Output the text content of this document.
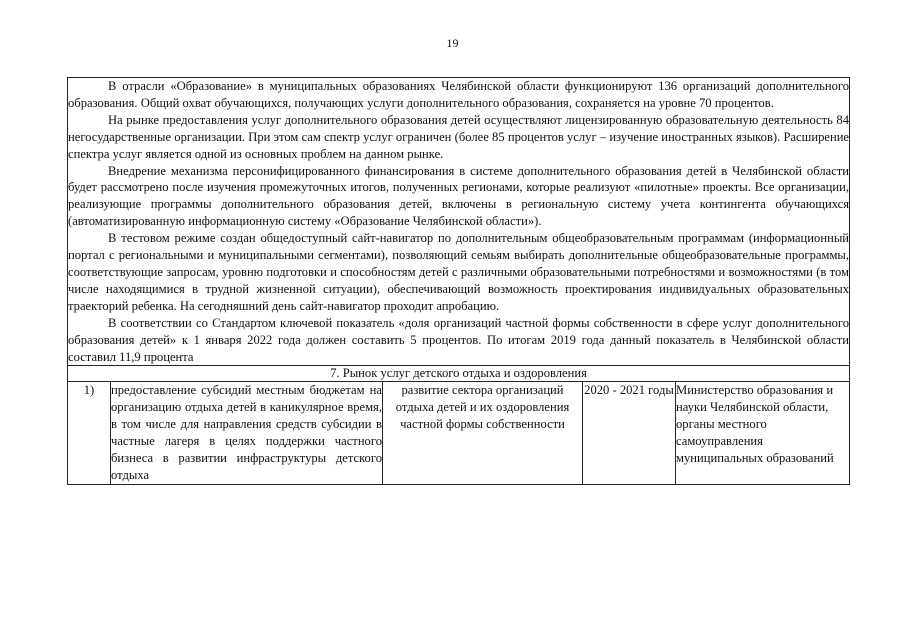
19

В отрасли «Образование» в муниципальных образованиях Челябинской области функционируют 136 организаций дополнительного образования. Общий охват обучающихся, получающих услуги дополнительного образования, сохраняется на уровне 70 процентов.

На рынке предоставления услуг дополнительного образования детей осуществляют лицензированную образовательную деятельность 84 негосударственные организации. При этом сам спектр услуг ограничен (более 85 процентов услуг – изучение иностранных языков). Расширение спектра услуг является одной из основных проблем на данном рынке.

Внедрение механизма персонифицированного финансирования в системе дополнительного образования детей в Челябинской области будет рассмотрено после изучения промежуточных итогов, полученных регионами, которые реализуют «пилотные» проекты. Все организации, реализующие программы дополнительного образования детей, включены в региональную систему учета контингента обучающихся (автоматизированную информационную систему «Образование Челябинской области»).

В тестовом режиме создан общедоступный сайт-навигатор по дополнительным общеобразовательным программам (информационный портал с региональными и муниципальными сегментами), позволяющий семьям выбирать дополнительные общеобразовательные программы, соответствующие запросам, уровню подготовки и способностям детей с различными образовательными потребностями и возможностями (в том числе находящимися в трудной жизненной ситуации), обеспечивающий возможность проектирования индивидуальных образовательных траекторий ребенка. На сегодняшний день сайт-навигатор проходит апробацию.

В соответствии со Стандартом ключевой показатель «доля организаций частной формы собственности в сфере услуг дополнительного образования детей» к 1 января 2022 года должен составить 5 процентов. По итогам 2019 года данный показатель в Челябинской области составил 11,9 процента

7. Рынок услуг детского отдыха и оздоровления
1)	предоставление субсидий местным бюджетам на организацию отдыха детей в каникулярное время, в том числе для направления средств субсидии в частные лагеря в целях поддержки частного бизнеса в развитии инфраструктуры детского отдыха	развитие сектора организаций отдыха детей и их оздоровления частной формы собственности	2020 - 2021 годы	Министерство образования и науки Челябинской области, органы местного самоуправления муниципальных образований
